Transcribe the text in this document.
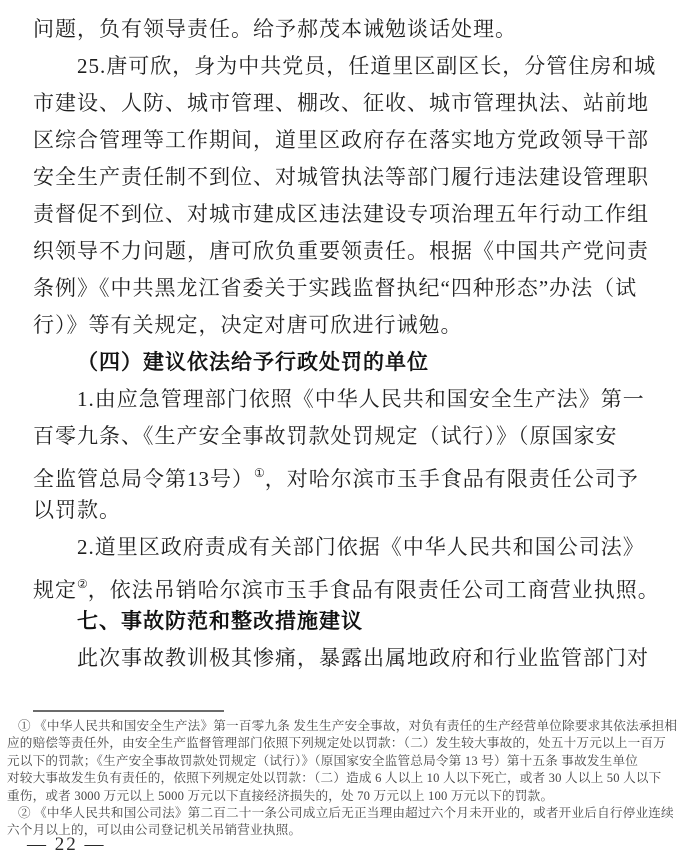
问题，负有领导责任。给予郝茂本诫勉谈话处理。
25.唐可欣，身为中共党员，任道里区副区长，分管住房和城
市建设、人防、城市管理、棚改、征收、城市管理执法、站前地
区综合管理等工作期间，道里区政府存在落实地方党政领导干部
安全生产责任制不到位、对城管执法等部门履行违法建设管理职
责督促不到位、对城市建成区违法建设专项治理五年行动工作组
织领导不力问题，唐可欣负重要领责任。根据《中国共产党问责
条例》《中共黑龙江省委关于实践监督执纪“四种形态”办法（试
行）》等有关规定，决定对唐可欣进行诫勉。
（四）建议依法给予行政处罚的单位
1.由应急管理部门依照《中华人民共和国安全生产法》第一
百零九条、《生产安全事故罚款处罚规定（试行）》（原国家安
全监管总局令第13号）①，对哈尔滨市玉手食品有限责任公司予
以罚款。
2.道里区政府责成有关部门依据《中华人民共和国公司法》
规定②，依法吊销哈尔滨市玉手食品有限责任公司工商营业执照。
七、事故防范和整改措施建议
此次事故教训极其惨痛，暴露出属地政府和行业监管部门对
① 《中华人民共和国安全生产法》第一百零九条 发生生产安全事故，对负有责任的生产经营单位除要求其依法承担相
应的赔偿等责任外，由安全生产监督管理部门依照下列规定处以罚款：（二）发生较大事故的，处五十万元以上一百万
元以下的罚款；《生产安全事故罚款处罚规定（试行）》（原国家安全监管总局令第 13 号）第十五条 事故发生单位
对较大事故发生负有责任的，依照下列规定处以罚款：（二）造成 6 人以上 10 人以下死亡，或者 30 人以上 50 人以下
重伤，或者 3000 万元以上 5000 万元以下直接经济损失的，处 70 万元以上 100 万元以下的罚款。
② 《中华人民共和国公司法》第二百二十一条公司成立后无正当理由超过六个月未开业的，或者开业后自行停业连续
六个月以上的，可以由公司登记机关吊销营业执照。
— 22 —
